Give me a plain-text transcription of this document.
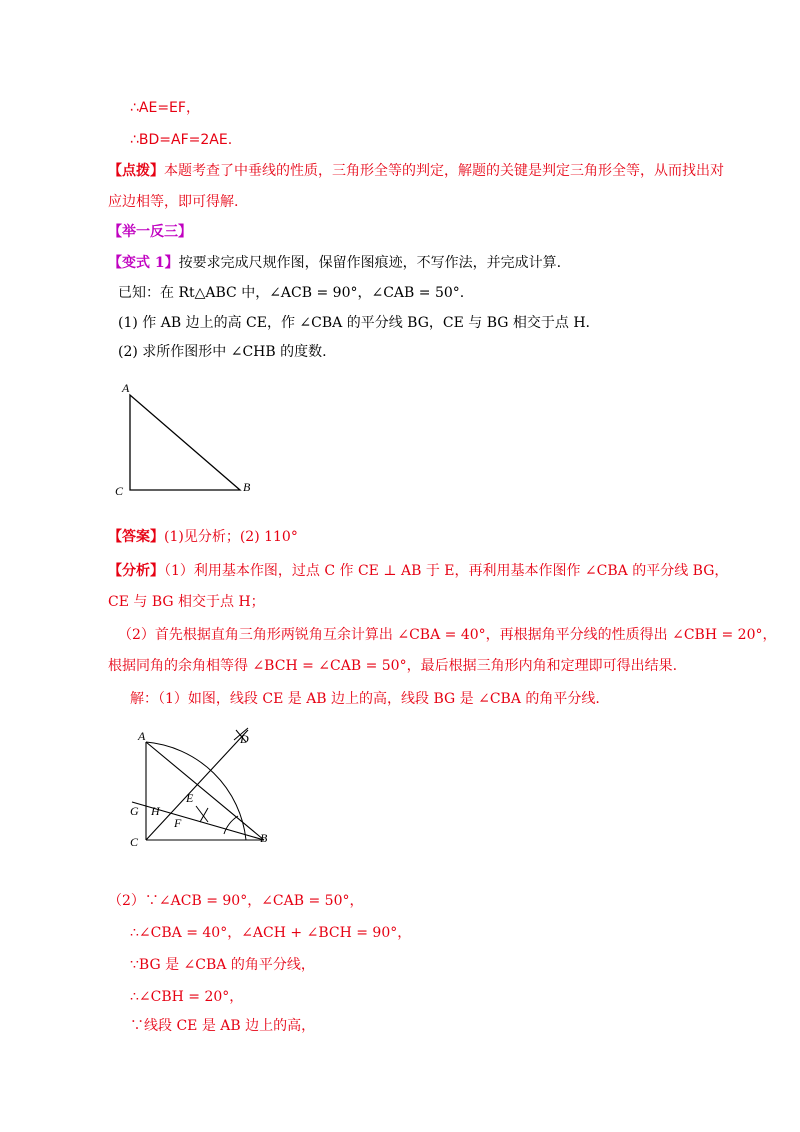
∴AE=EF，
∴BD=AF=2AE.
【点拨】本题考查了中垂线的性质，三角形全等的判定，解题的关键是判定三角形全等，从而找出对
应边相等，即可得解.
【举一反三】
【变式 1】按要求完成尺规作图，保留作图痕迹，不写作法，并完成计算.
已知：在 Rt△ABC 中，∠ACB = 90°，∠CAB = 50°.
(1) 作 AB 边上的高 CE，作 ∠CBA 的平分线 BG，CE 与 BG 相交于点 H.
(2) 求所作图形中 ∠CHB 的度数.
A
C	B
【答案】(1)见分析；(2) 110°
【分析】（1）利用基本作图，过点 C 作 CE ⊥ AB 于 E，再利用基本作图作 ∠CBA 的平分线 BG，
CE 与 BG 相交于点 H；
（2）首先根据直角三角形两锐角互余计算出 ∠CBA = 40°，再根据角平分线的性质得出 ∠CBH = 20°，
根据同角的余角相等得 ∠BCH = ∠CAB = 50°，最后根据三角形内角和定理即可得出结果.
解：（1）如图，线段 CE 是 AB 边上的高，线段 BG 是 ∠CBA 的角平分线.
A	D
G H
E
F
C	B
（2）∵∠ACB = 90°，∠CAB = 50°，
∴∠CBA = 40°，∠ACH + ∠BCH = 90°，
∵BG 是 ∠CBA 的角平分线，
∴∠CBH = 20°，
∵线段 CE 是 AB 边上的高，
